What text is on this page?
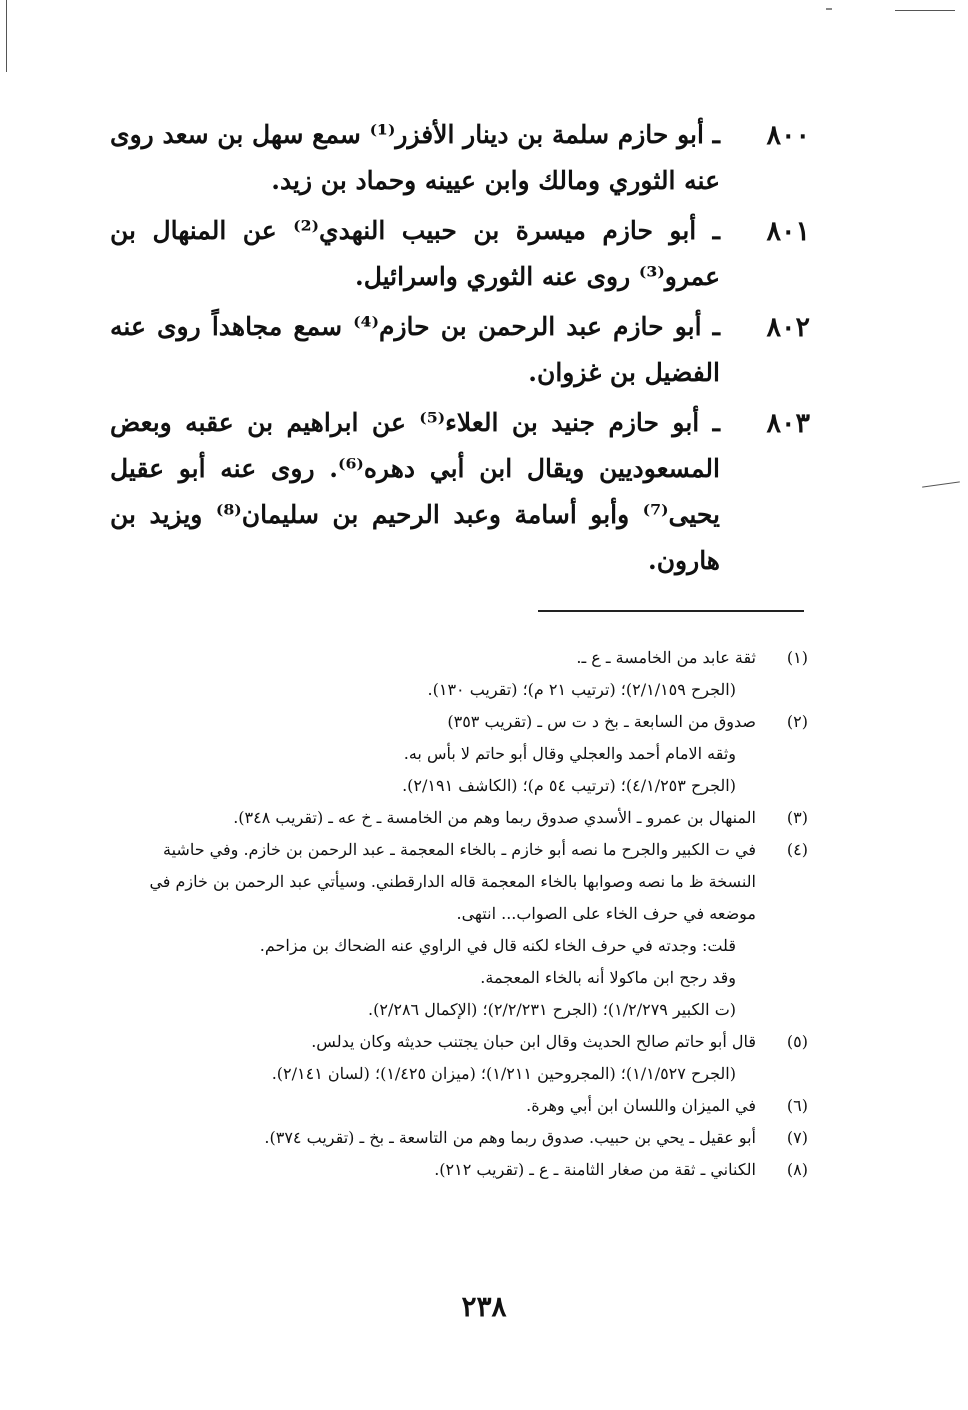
٨٠٠
ـ أبو حازم سلمة بن دينار الأفزر⁽¹⁾ سمع سهل بن سعد روى عنه الثوري ومالك وابن عيينه وحماد بن زيد.
٨٠١
ـ أبو حازم ميسرة بن حبيب النهدي⁽²⁾ عن المنهال بن عمرو⁽³⁾ روى عنه الثوري واسرائيل.
٨٠٢
ـ أبو حازم عبد الرحمن بن حازم⁽⁴⁾ سمع مجاهداً روى عنه الفضيل بن غزوان.
٨٠٣
ـ أبو حازم جنيد بن العلاء⁽⁵⁾ عن ابراهيم بن عقبه وبعض المسعوديين ويقال ابن أبي دهره⁽⁶⁾. روى عنه أبو عقيل يحيى⁽⁷⁾ وأبو أسامة وعبد الرحيم بن سليمان⁽⁸⁾ ويزيد بن هارون.
(١)
ثقة عابد من الخامسة ـ ع ـ.
(الجرح ٢/١/١٥٩)؛ (ترتيب ٢١ م)؛ (تقريب ١٣٠).
(٢)
صدوق من السابعة ـ بخ د ت س ـ (تقريب ٣٥٣)
وثقه الامام أحمد والعجلي وقال أبو حاتم لا بأس به.
(الجرح ٤/١/٢٥٣)؛ (ترتيب ٥٤ م)؛ (الكاشف ٢/١٩١).
(٣)
المنهال بن عمرو ـ الأسدي صدوق ربما وهم من الخامسة ـ خ عه ـ (تقريب ٣٤٨).
(٤)
في ت الكبير والجرح ما نصه أبو خازم ـ بالخاء المعجمة ـ عبد الرحمن بن خازم. وفي حاشية
النسخة ظ ما نصه وصوابها بالخاء المعجمة قاله الدارقطني. وسيأتي عبد الرحمن بن خازم في
موضعه في حرف الخاء على الصواب... انتهى.
قلت: وجدته في حرف الخاء لكنه قال في الراوي عنه الضحاك بن مزاحم.
وقد رجح ابن ماكولا أنه بالخاء المعجمة.
(ت الكبير ١/٢/٢٧٩)؛ (الجرح ٢/٢/٢٣١)؛ (الإكمال ٢/٢٨٦).
(٥)
قال أبو حاتم صالح الحديث وقال ابن حبان يجتنب حديثه وكان يدلس.
(الجرح ١/١/٥٢٧)؛ (المجروحين ١/٢١١)؛ (ميزان ١/٤٢٥)؛ (لسان ٢/١٤١).
(٦)
في الميزان واللسان ابن أبي وهرة.
(٧)
أبو عقيل ـ يحي بن حبيب. صدوق ربما وهم من التاسعة ـ بخ ـ (تقريب ٣٧٤).
(٨)
الكناني ـ ثقة من صغار الثامنة ـ ع ـ (تقريب ٢١٢).
٢٣٨
